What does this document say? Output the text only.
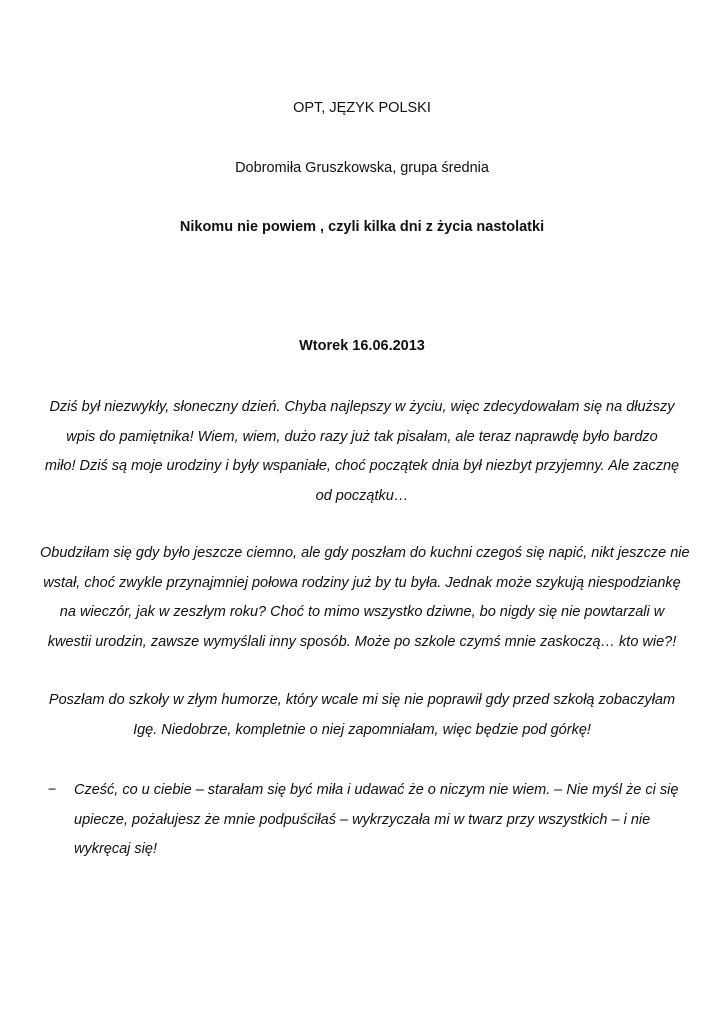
OPT, JĘZYK POLSKI
Dobromiła Gruszkowska, grupa średnia
Nikomu nie powiem , czyli kilka dni z życia nastolatki
Wtorek 16.06.2013
Dziś był niezwykły, słoneczny dzień. Chyba najlepszy w życiu, więc zdecydowałam się na dłuższy
wpis do pamiętnika! Wiem, wiem, dużo razy już tak pisałam, ale teraz naprawdę było bardzo
miło! Dziś są moje urodziny i były wspaniałe, choć początek dnia był niezbyt przyjemny. Ale zacznę
od początku…
Obudziłam się gdy było jeszcze ciemno, ale gdy poszłam do kuchni czegoś się napić, nikt jeszcze nie
wstał, choć zwykle przynajmniej połowa rodziny już by tu była. Jednak może szykują niespodziankę
na wieczór, jak w zeszłym roku? Choć to mimo wszystko dziwne, bo nigdy się nie powtarzali w
kwestii urodzin, zawsze wymyślali inny sposób. Może po szkole czymś mnie zaskoczą… kto wie?!
Poszłam do szkoły w złym humorze, który wcale mi się nie poprawił gdy przed szkołą zobaczyłam
Igę. Niedobrze, kompletnie o niej zapomniałam, więc będzie pod górkę!
− Cześć, co u ciebie – starałam się być miła i udawać że o niczym nie wiem. – Nie myśl że ci się
upiecze, pożałujesz że mnie podpuściłaś – wykrzyczała mi w twarz przy wszystkich – i nie
wykręcaj się!
